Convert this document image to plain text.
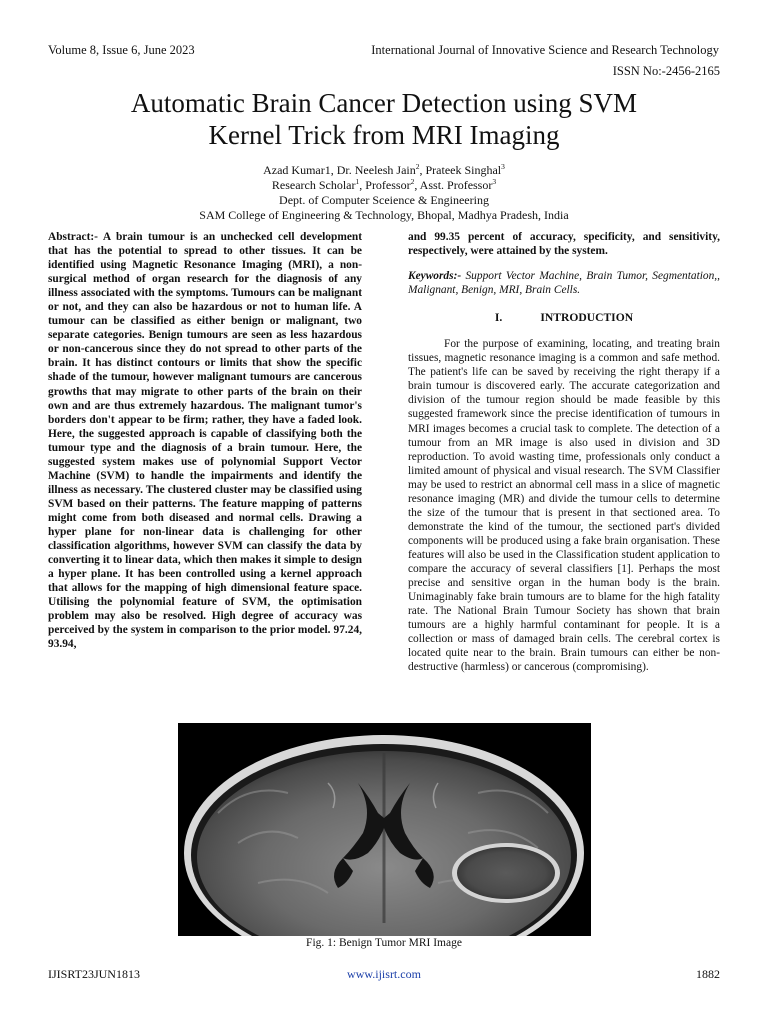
Volume 8, Issue 6, June 2023	International Journal of Innovative Science and Research Technology
ISSN No:-2456-2165
Automatic Brain Cancer Detection using SVM
Kernel Trick from MRI Imaging
Azad Kumar1, Dr. Neelesh Jain$^2$, Prateek Singhal$^3$
Research Scholar$^1$, Professor$^2$, Asst. Professor$^3$
Dept. of Computer Sceience & Engineering
SAM College of Engineering & Technology, Bhopal, Madhya Pradesh, India

Abstract:- A brain tumour is an unchecked cell development that has the potential to spread to other tissues. It can be identified using Magnetic Resonance Imaging (MRI), a non-surgical method of organ research for the diagnosis of any illness associated with the symptoms. Tumours can be malignant or not, and they can also be hazardous or not to human life. A tumour can be classified as either benign or malignant, two separate categories. Benign tumours are seen as less hazardous or non-cancerous since they do not spread to other parts of the brain. It has distinct contours or limits that show the specific shade of the tumour, however malignant tumours are cancerous growths that may migrate to other parts of the brain on their own and are thus extremely hazardous. The malignant tumor's borders don't appear to be firm; rather, they have a faded look. Here, the suggested approach is capable of classifying both the tumour type and the diagnosis of a brain tumour. Here, the suggested system makes use of polynomial Support Vector Machine (SVM) to handle the impairments and identify the illness as necessary. The clustered cluster may be classified using SVM based on their patterns. The feature mapping of patterns might come from both diseased and normal cells. Drawing a hyper plane for non-linear data is challenging for other classification algorithms, however SVM can classify the data by converting it to linear data, which then makes it simple to design a hyper plane. It has been controlled using a kernel approach that allows for the mapping of high dimensional feature space. Utilising the polynomial feature of SVM, the optimisation problem may also be resolved. High degree of accuracy was perceived by the system in comparison to the prior model. 97.24, 93.94,

and 99.35 percent of accuracy, specificity, and sensitivity, respectively, were attained by the system.

Keywords:- Support Vector Machine, Brain Tumor, Segmentation,, Malignant, Benign, MRI, Brain Cells.

I.	INTRODUCTION

For the purpose of examining, locating, and treating brain tissues, magnetic resonance imaging is a common and safe method. The patient's life can be saved by receiving the right therapy if a brain tumour is discovered early. The accurate categorization and division of the tumour region should be made feasible by this suggested framework since the precise identification of tumours in MRI images becomes a crucial task to complete. The detection of a tumour from an MR image is also used in division and 3D reproduction. To avoid wasting time, professionals only conduct a limited amount of physical and visual research. The SVM Classifier may be used to restrict an abnormal cell mass in a slice of magnetic resonance imaging (MR) and divide the tumour cells to determine the size of the tumour that is present in that sectioned area. To demonstrate the kind of the tumour, the sectioned part's divided components will be produced using a fake brain organisation. These features will also be used in the Classification student application to compare the accuracy of several classifiers [1]. Perhaps the most precise and sensitive organ in the human body is the brain. Unimaginably fake brain tumours are to blame for the high fatality rate. The National Brain Tumour Society has shown that brain tumours are a highly harmful contaminant for people. It is a collection or mass of damaged brain cells. The cerebral cortex is located quite near to the brain. Brain tumours can either be non-destructive (harmless) or cancerous (compromising).

Fig. 1: Benign Tumor MRI Image
IJISRT23JUN1813	www.ijisrt.com	1882
